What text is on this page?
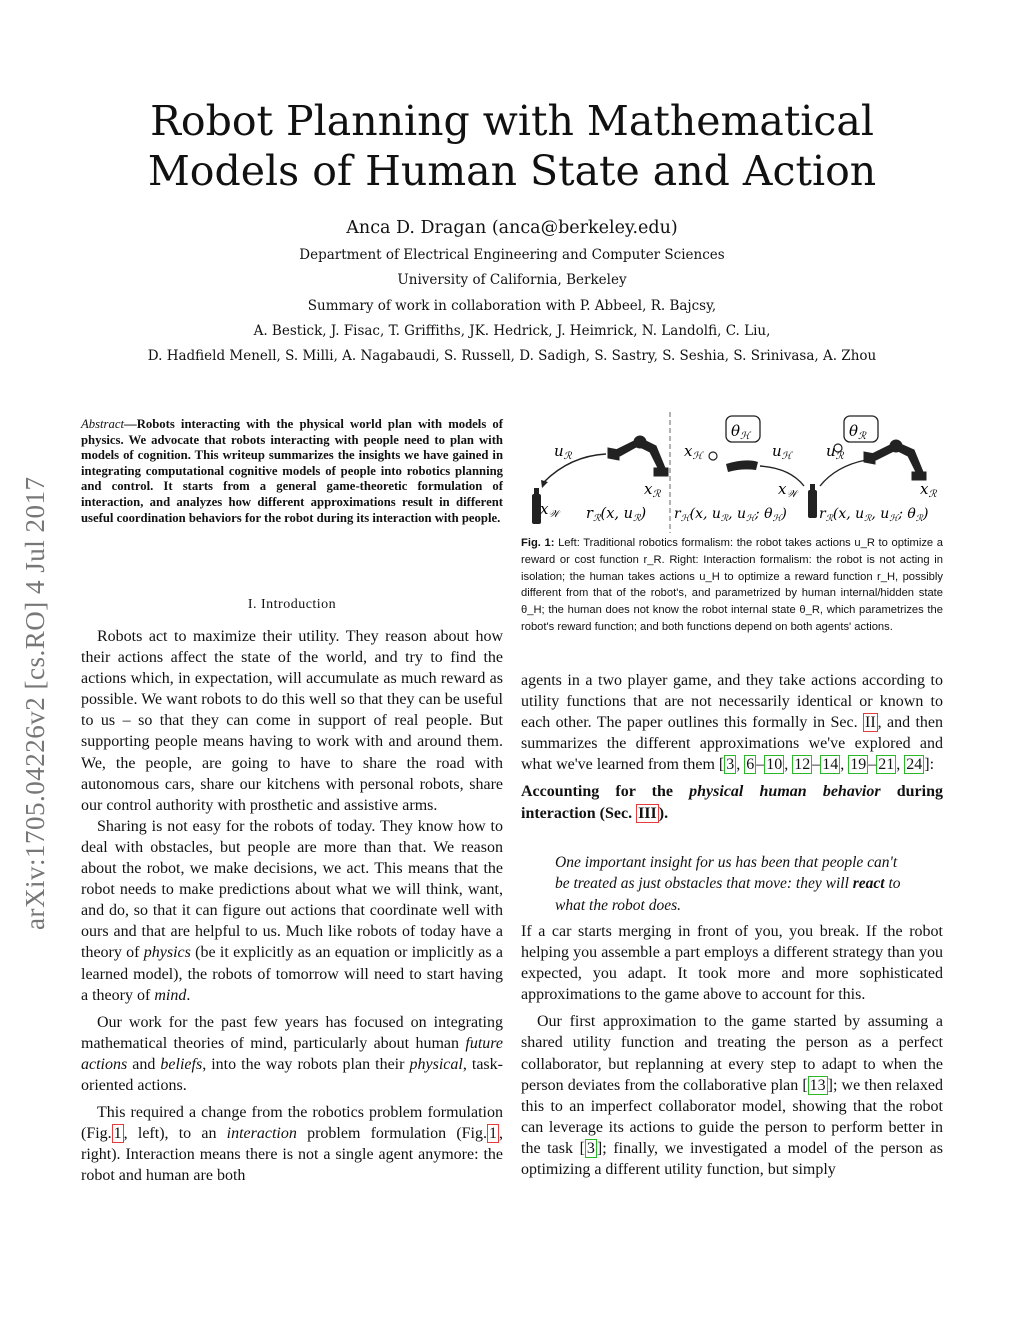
Robot Planning with Mathematical
Models of Human State and Action
Anca D. Dragan (anca@berkeley.edu)
Department of Electrical Engineering and Computer Sciences
University of California, Berkeley
Summary of work in collaboration with P. Abbeel, R. Bajcsy,
A. Bestick, J. Fisac, T. Griffiths, JK. Hedrick, J. Heimrick, N. Landolfi, C. Liu,
D. Hadfield Menell, S. Milli, A. Nagabaudi, S. Russell, D. Sadigh, S. Sastry, S. Seshia, S. Srinivasa, A. Zhou
arXiv:1705.04226v2 [cs.RO] 4 Jul 2017
Abstract—Robots interacting with the physical world plan with models of physics. We advocate that robots interacting with people need to plan with models of cognition. This writeup summarizes the insights we have gained in integrating computational cognitive models of people into robotics planning and control. It starts from a general game-theoretic formulation of interaction, and analyzes how different approximations result in different useful coordination behaviors for the robot during its interaction with people.
I. Introduction

Robots act to maximize their utility. They reason about how their actions affect the state of the world, and try to find the actions which, in expectation, will accumulate as much reward as possible. We want robots to do this well so that they can be useful to us – so that they can come in support of real people. But supporting people means having to work with and around them. We, the people, are going to have to share the road with autonomous cars, share our kitchens with personal robots, share our control authority with prosthetic and assistive arms.

Sharing is not easy for the robots of today. They know how to deal with obstacles, but people are more than that. We reason about the robot, we make decisions, we act. This means that the robot needs to make predictions about what we will think, want, and do, so that it can figure out actions that coordinate well with ours and that are helpful to us. Much like robots of today have a theory of physics (be it explicitly as an equation or implicitly as a learned model), the robots of tomorrow will need to start having a theory of mind.

Our work for the past few years has focused on integrating mathematical theories of mind, particularly about human future actions and beliefs, into the way robots plan their physical, task-oriented actions.

This required a change from the robotics problem formulation (Fig. 1 , left), to an interaction problem formulation (Fig. 1 , right). Interaction means there is not a single agent anymore: the robot and human are both

$\theta_ℋ$	$\theta_ℛ$
$u_ℛ$	$x_ℋ$	$u_ℋ$ $u_ℛ$
$x_ℛ$	$x_𝒲$	$x_ℛ$
$x_𝒲$ $r_ℛ(x$, $u_ℛ$) $r_ℋ(x$, $u_ℛ$, $u_ℋ$; $\theta_ℋ$) $r_ℛ(x$, $u_ℛ$, $u_ℋ$; $\theta_ℛ$)
Fig. 1: Left: Traditional robotics formalism: the robot takes actions u_R to optimize a reward or cost function r_R. Right: Interaction formalism: the robot is not acting in isolation; the human takes actions u_H to optimize a reward function r_H, possibly different from that of the robot's, and parametrized by human internal/hidden state θ_H; the human does not know the robot internal state θ_R, which parametrizes the robot's reward function; and both functions depend on both agents' actions.

agents in a two player game, and they take actions according to utility functions that are not necessarily identical or known to each other. The paper outlines this formally in Sec. II , and then summarizes the different approximations we've explored and what we've learned from them [ 3 , 6 – 10 , 12 – 14 , 19 – 21 , 24 ]:

Accounting for the physical human behavior during interaction (Sec. III ).

One important insight for us has been that people can't be treated as just obstacles that move: they will react to what the robot does.

If a car starts merging in front of you, you break. If the robot helping you assemble a part employs a different strategy than you expected, you adapt. It took more and more sophisticated approximations to the game above to account for this.

Our first approximation to the game started by assuming a shared utility function and treating the person as a perfect collaborator, but replanning at every step to adapt to when the person deviates from the collaborative plan [ 13 ]; we then relaxed this to an imperfect collaborator model, showing that the robot can leverage its actions to guide the person to perform better in the task [ 3 ]; finally, we investigated a model of the person as optimizing a different utility function, but simply
